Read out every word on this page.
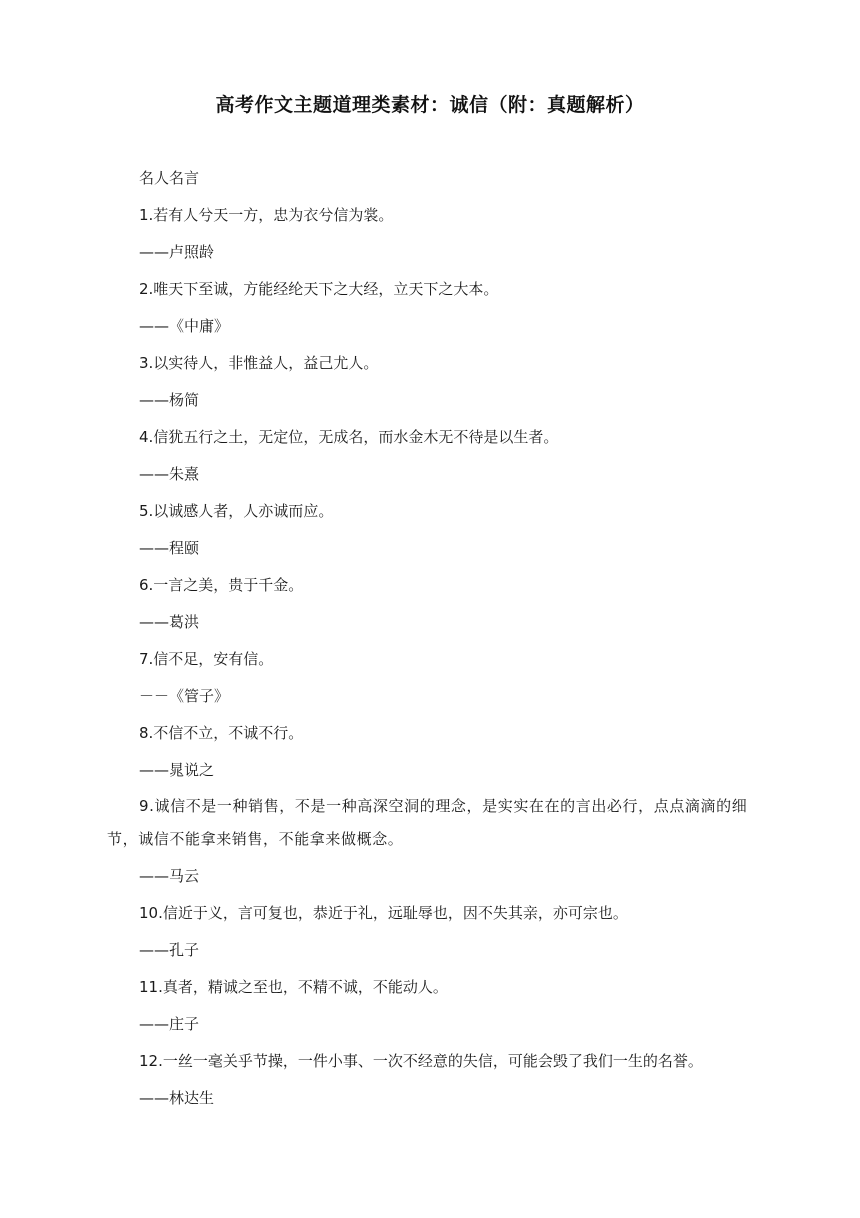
高考作文主题道理类素材：诚信（附：真题解析）

名人名言

1.若有人兮天一方，忠为衣兮信为裳。

——卢照龄

2.唯天下至诚，方能经纶天下之大经，立天下之大本。

——《中庸》

3.以实待人，非惟益人，益己尤人。

——杨简

4.信犹五行之土，无定位，无成名，而水金木无不待是以生者。

——朱熹

5.以诚感人者，人亦诚而应。

——程颐

6.一言之美，贵于千金。

——葛洪

7.信不足，安有信。

－－《管子》

8.不信不立，不诚不行。

——晁说之

9.诚信不是一种销售，不是一种高深空洞的理念，是实实在在的言出必行，点点滴滴的细节，诚信不能拿来销售，不能拿来做概念。

——马云

10.信近于义，言可复也，恭近于礼，远耻辱也，因不失其亲，亦可宗也。

——孔子

11.真者，精诚之至也，不精不诚，不能动人。

——庄子

12.一丝一毫关乎节操，一件小事、一次不经意的失信，可能会毁了我们一生的名誉。

——林达生
